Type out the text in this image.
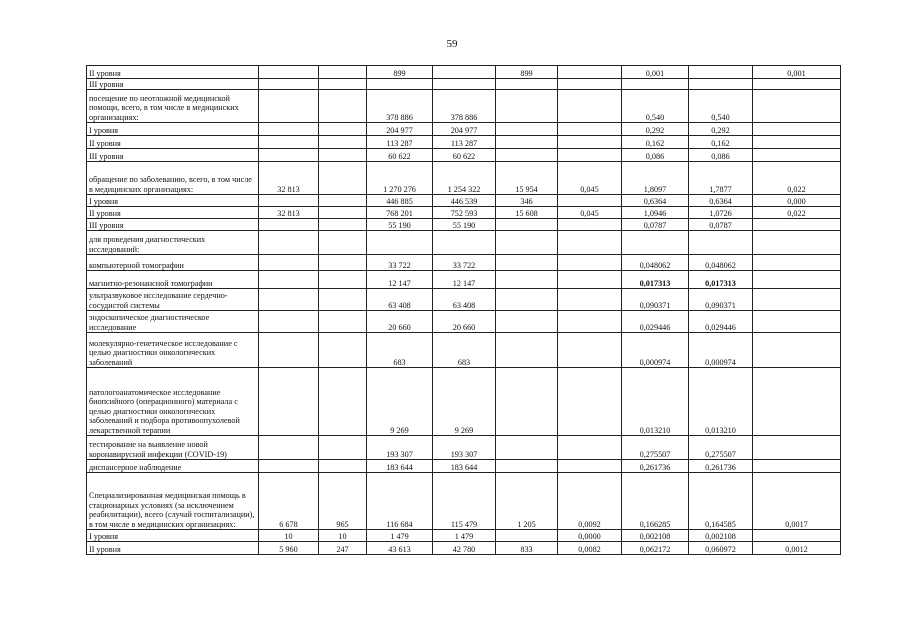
59
II уровня			899		899		0,001		0,001
III уровня									
посещение по неотложной медицинской помощи, всего, в том числе в медицинских организациях:			378 886	378 886			0,540	0,540	
I уровня			204 977	204 977			0,292	0,292	
II уровня			113 287	113 287			0,162	0,162	
III уровня			60 622	60 622			0,086	0,086	
обращение по заболеванию, всего, в том числе в медицинских организациях:	32 813		1 270 276	1 254 322	15 954	0,045	1,8097	1,7877	0,022
I уровня			446 885	446 539	346		0,6364	0,6364	0,000
II уровня	32 813		768 201	752 593	15 608	0,045	1,0946	1,0726	0,022
III уровня			55 190	55 190			0,0787	0,0787	
для проведения диагностических исследований:									
компьютерной томографии			33 722	33 722			0,048062	0,048062	
магнитно-резонансной томографии			12 147	12 147			0,017313	0,017313	
ультразвуковое исследование сердечно-сосудистой системы			63 408	63 408			0,090371	0,090371	
эндоскопическое диагностическое исследование			20 660	20 660			0,029446	0,029446	
молекулярно-генетическое исследование с целью диагностики онкологических заболеваний			683	683			0,000974	0,000974	
патологоанатомическое исследование биопсийного (операционного) материала с целью диагностики онкологических заболеваний и подбора противоопухолевой лекарственной терапии			9 269	9 269			0,013210	0,013210	
тестирование на выявление новой коронавирусной инфекции (COVID-19)			193 307	193 307			0,275507	0,275507	
диспансерное наблюдение			183 644	183 644			0,261736	0,261736	
Специализированная медицинская помощь в стационарных условиях (за исключением реабилитации), всего (случай госпитализации), в том числе в медицинских организациях:	6 678	965	116 684	115 479	1 205	0,0092	0,166285	0,164585	0,0017
I уровня	10	10	1 479	1 479		0,0000	0,002108	0,002108	
II уровня	5 960	247	43 613	42 780	833	0,0082	0,062172	0,060972	0,0012
